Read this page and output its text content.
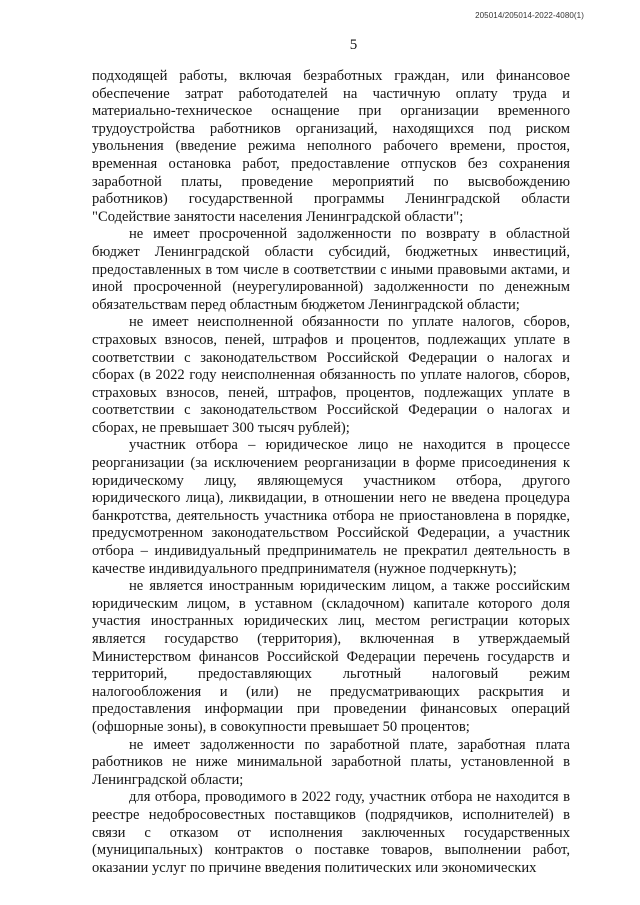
205014/205014-2022-4080(1)
5

подходящей работы, включая безработных граждан, или финансовое обеспечение затрат работодателей на частичную оплату труда и материально-техническое оснащение при организации временного трудоустройства работников организаций, находящихся под риском увольнения (введение режима неполного рабочего времени, простоя, временная остановка работ, предоставление отпусков без сохранения заработной платы, проведение мероприятий по высвобождению работников) государственной программы Ленинградской области "Содействие занятости населения Ленинградской области";

не имеет просроченной задолженности по возврату в областной бюджет Ленинградской области субсидий, бюджетных инвестиций, предоставленных в том числе в соответствии с иными правовыми актами, и иной просроченной (неурегулированной) задолженности по денежным обязательствам перед областным бюджетом Ленинградской области;

не имеет неисполненной обязанности по уплате налогов, сборов, страховых взносов, пеней, штрафов и процентов, подлежащих уплате в соответствии с законодательством Российской Федерации о налогах и сборах (в 2022 году неисполненная обязанность по уплате налогов, сборов, страховых взносов, пеней, штрафов, процентов, подлежащих уплате в соответствии с законодательством Российской Федерации о налогах и сборах, не превышает 300 тысяч рублей);

участник отбора – юридическое лицо не находится в процессе реорганизации (за исключением реорганизации в форме присоединения к юридическому лицу, являющемуся участником отбора, другого юридического лица), ликвидации, в отношении него не введена процедура банкротства, деятельность участника отбора не приостановлена в порядке, предусмотренном законодательством Российской Федерации, а участник отбора – индивидуальный предприниматель не прекратил деятельность в качестве индивидуального предпринимателя (нужное подчеркнуть);

не является иностранным юридическим лицом, а также российским юридическим лицом, в уставном (складочном) капитале которого доля участия иностранных юридических лиц, местом регистрации которых является государство (территория), включенная в утверждаемый Министерством финансов Российской Федерации перечень государств и территорий, предоставляющих льготный налоговый режим налогообложения и (или) не предусматривающих раскрытия и предоставления информации при проведении финансовых операций (офшорные зоны), в совокупности превышает 50 процентов;

не имеет задолженности по заработной плате, заработная плата работников не ниже минимальной заработной платы, установленной в Ленинградской области;

для отбора, проводимого в 2022 году, участник отбора не находится в реестре недобросовестных поставщиков (подрядчиков, исполнителей) в связи с отказом от исполнения заключенных государственных (муниципальных) контрактов о поставке товаров, выполнении работ, оказании услуг по причине введения политических или экономических
